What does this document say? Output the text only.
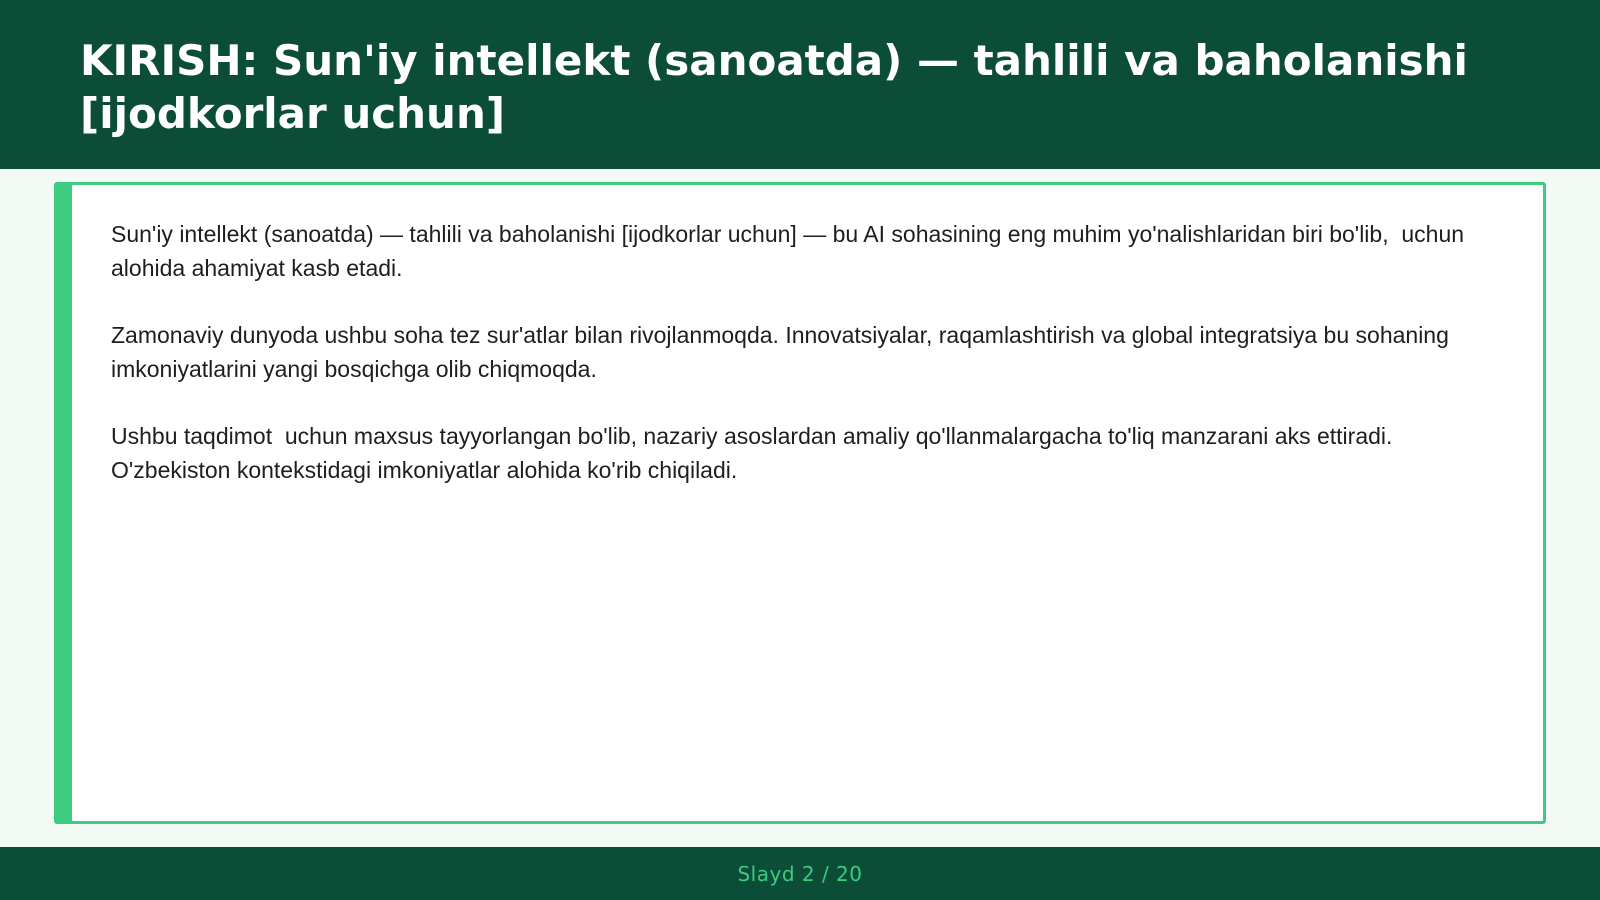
KIRISH: Sun'iy intellekt (sanoatda) — tahlili va baholanishi [ijodkorlar uchun]

Sun'iy intellekt (sanoatda) — tahlili va baholanishi [ijodkorlar uchun] — bu AI sohasining eng muhim yo'nalishlaridan biri bo'lib,  uchun alohida ahamiyat kasb etadi.

Zamonaviy dunyoda ushbu soha tez sur'atlar bilan rivojlanmoqda. Innovatsiyalar, raqamlashtirish va global integratsiya bu sohaning imkoniyatlarini yangi bosqichga olib chiqmoqda.

Ushbu taqdimot  uchun maxsus tayyorlangan bo'lib, nazariy asoslardan amaliy qo'llanmalargacha to'liq manzarani aks ettiradi. O'zbekiston kontekstidagi imkoniyatlar alohida ko'rib chiqiladi.

Slayd 2 / 20
